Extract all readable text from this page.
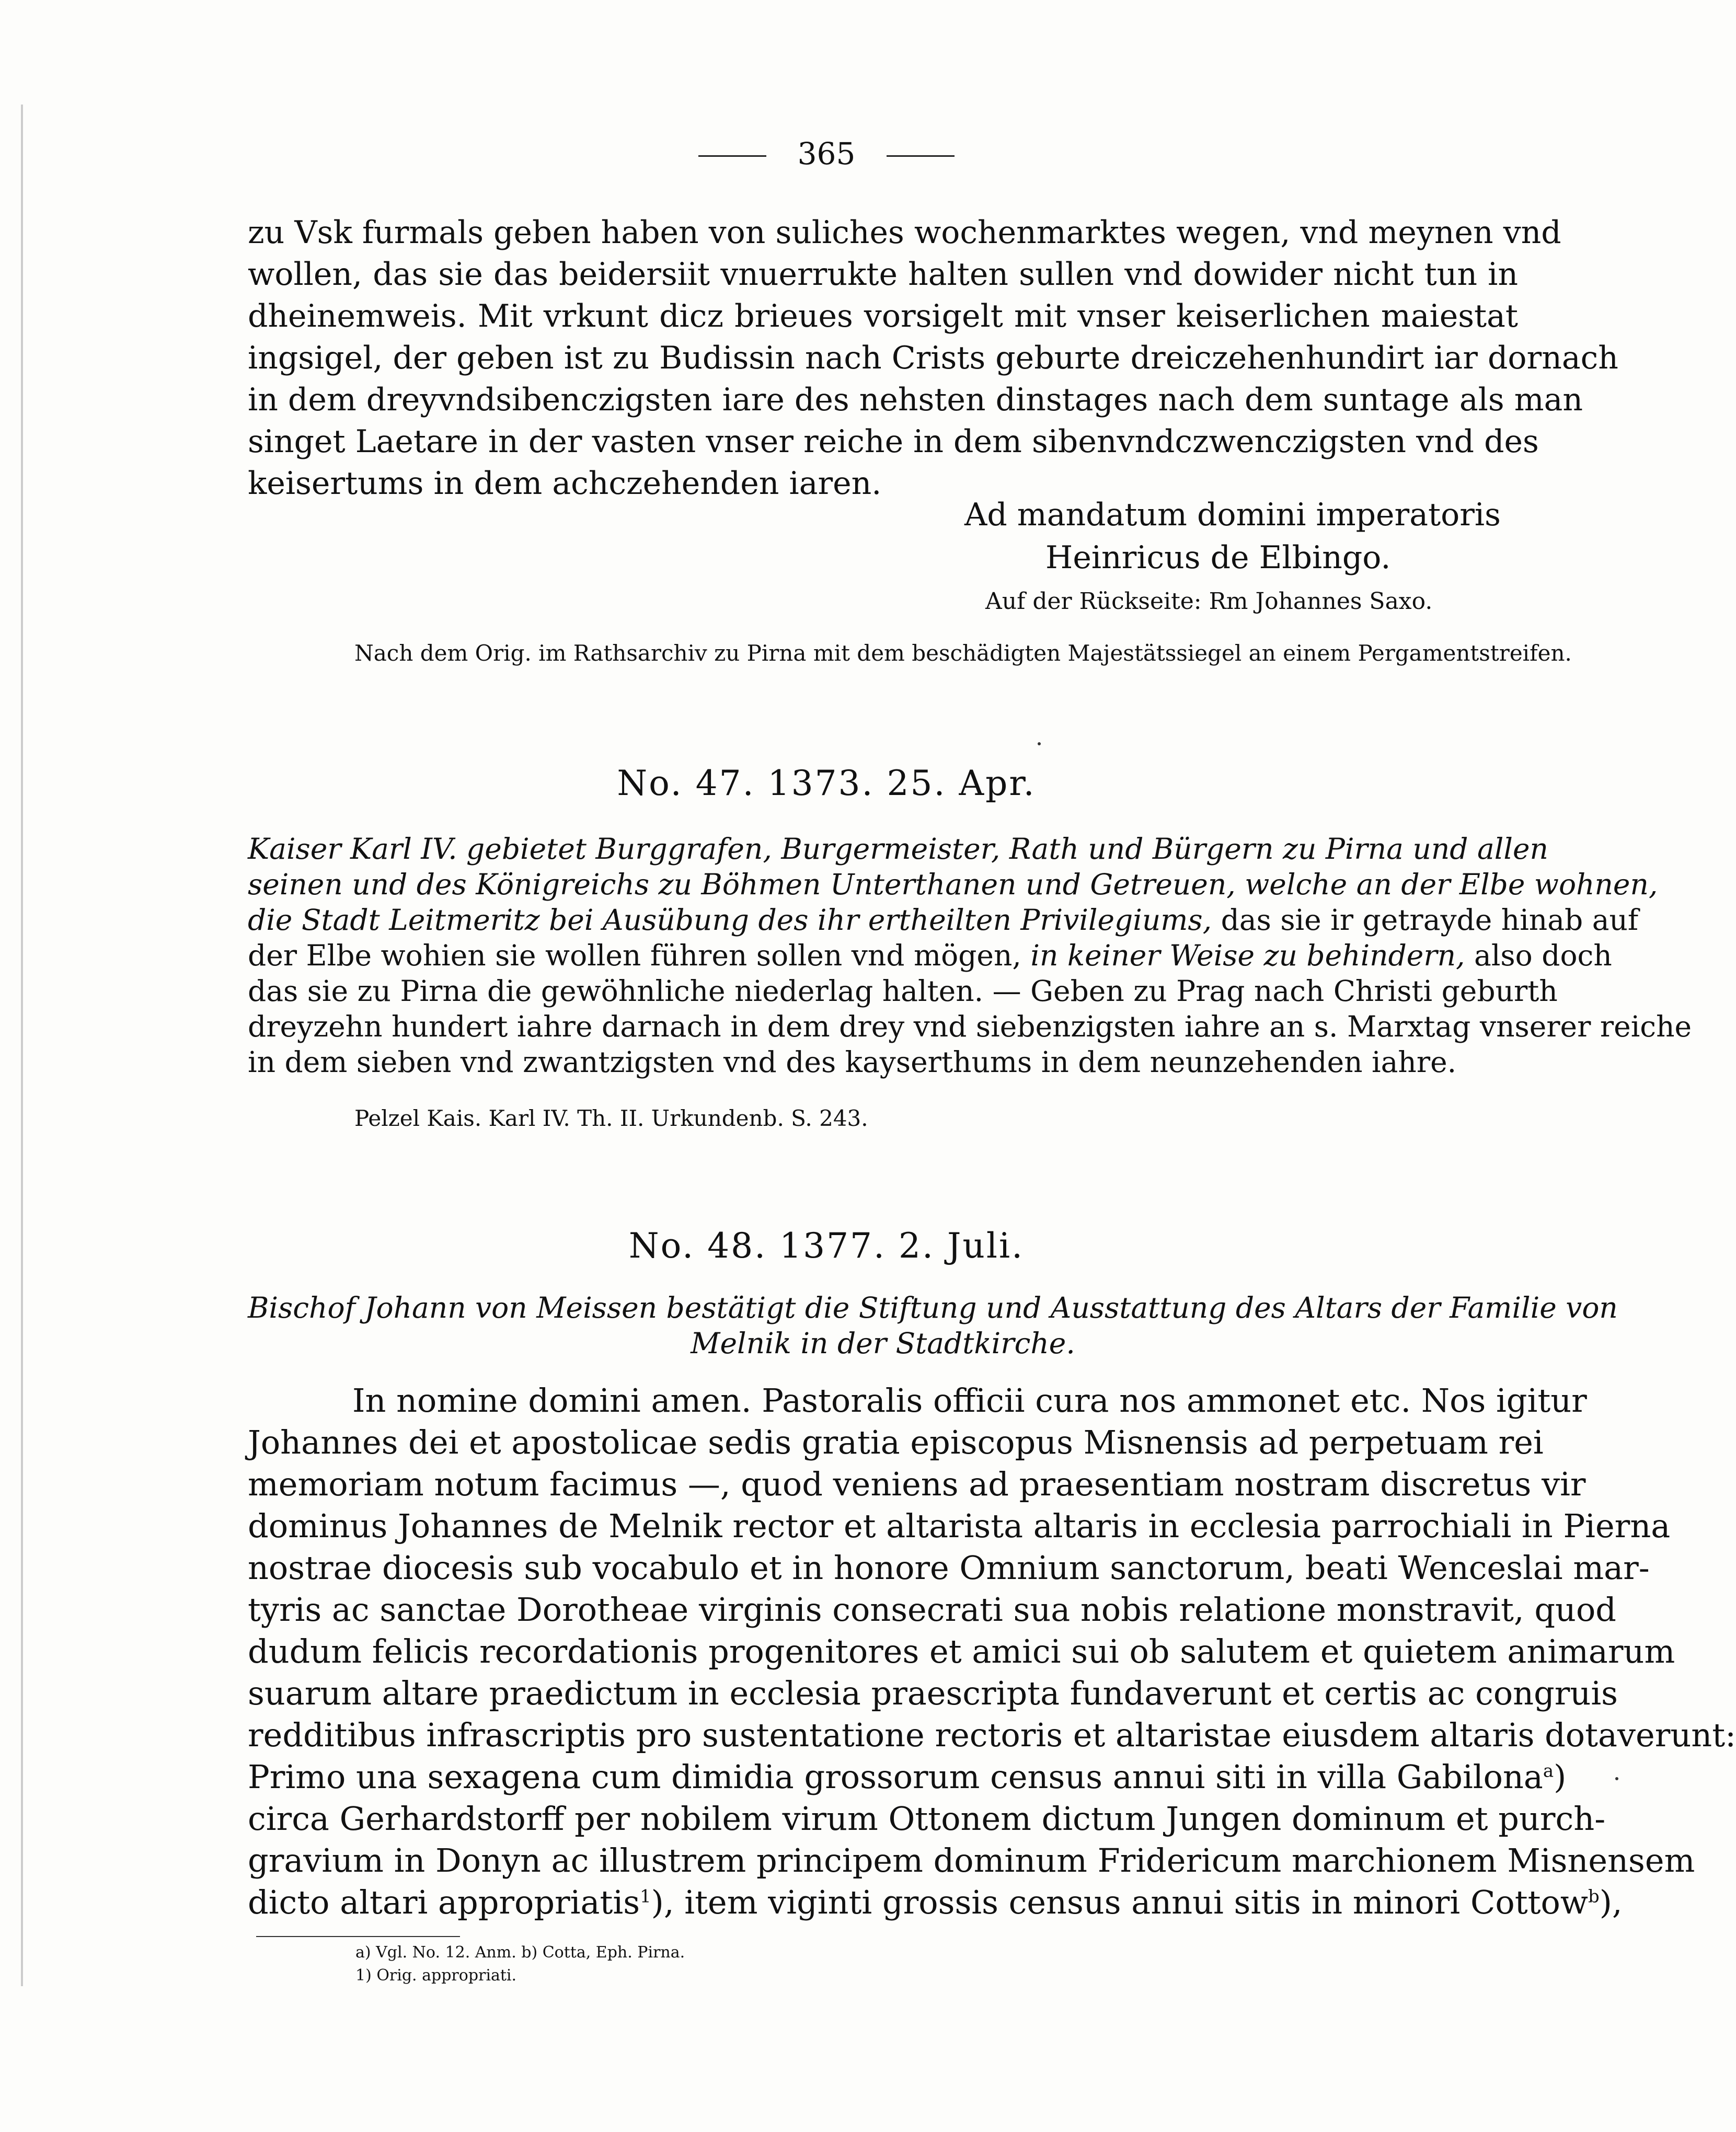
365
zu Vsk furmals geben haben von suliches wochenmarktes wegen, vnd meynen vnd
wollen, das sie das beidersiit vnuerrukte halten sullen vnd dowider nicht tun in
dheinemweis. Mit vrkunt dicz brieues vorsigelt mit vnser keiserlichen maiestat
ingsigel, der geben ist zu Budissin nach Crists geburte dreiczehenhundirt iar dornach
in dem dreyvndsibenczigsten iare des nehsten dinstages nach dem suntage als man
singet Laetare in der vasten vnser reiche in dem sibenvndczwenczigsten vnd des
keisertums in dem achczehenden iaren.
Ad mandatum domini imperatoris
Heinricus de Elbingo.
Auf der Rückseite: Rm Johannes Saxo.
Nach dem Orig. im Rathsarchiv zu Pirna mit dem beschädigten Majestätssiegel an einem Pergamentstreifen.
No. 47. 1373. 25. Apr.
Kaiser Karl IV. gebietet Burggrafen, Burgermeister, Rath und Bürgern zu Pirna und allen
seinen und des Königreichs zu Böhmen Unterthanen und Getreuen, welche an der Elbe wohnen,
die Stadt Leitmeritz bei Ausübung des ihr ertheilten Privilegiums, das sie ir getrayde hinab auf
der Elbe wohien sie wollen führen sollen vnd mögen, in keiner Weise zu behindern, also doch
das sie zu Pirna die gewöhnliche niederlag halten. — Geben zu Prag nach Christi geburth
dreyzehn hundert iahre darnach in dem drey vnd siebenzigsten iahre an s. Marxtag vnserer reiche
in dem sieben vnd zwantzigsten vnd des kayserthums in dem neunzehenden iahre.
Pelzel Kais. Karl IV. Th. II. Urkundenb. S. 243.
No. 48. 1377. 2. Juli.
Bischof Johann von Meissen bestätigt die Stiftung und Ausstattung des Altars der Familie von
Melnik in der Stadtkirche.
In nomine domini amen. Pastoralis officii cura nos ammonet etc. Nos igitur
Johannes dei et apostolicae sedis gratia episcopus Misnensis ad perpetuam rei
memoriam notum facimus —, quod veniens ad praesentiam nostram discretus vir
dominus Johannes de Melnik rector et altarista altaris in ecclesia parrochiali in Pierna
nostrae diocesis sub vocabulo et in honore Omnium sanctorum, beati Wenceslai mar-
tyris ac sanctae Dorotheae virginis consecrati sua nobis relatione monstravit, quod
dudum felicis recordationis progenitores et amici sui ob salutem et quietem animarum
suarum altare praedictum in ecclesia praescripta fundaverunt et certis ac congruis
redditibus infrascriptis pro sustentatione rectoris et altaristae eiusdem altaris dotaverunt:
Primo una sexagena cum dimidia grossorum census annui siti in villa Gabilona$^a$)
circa Gerhardstorff per nobilem virum Ottonem dictum Jungen dominum et purch-
gravium in Donyn ac illustrem principem dominum Fridericum marchionem Misnensem
dicto altari appropriatis$^1$), item viginti grossis census annui sitis in minori Cottow$^b$),
a) Vgl. No. 12. Anm. b) Cotta, Eph. Pirna.
1) Orig. appropriati.
